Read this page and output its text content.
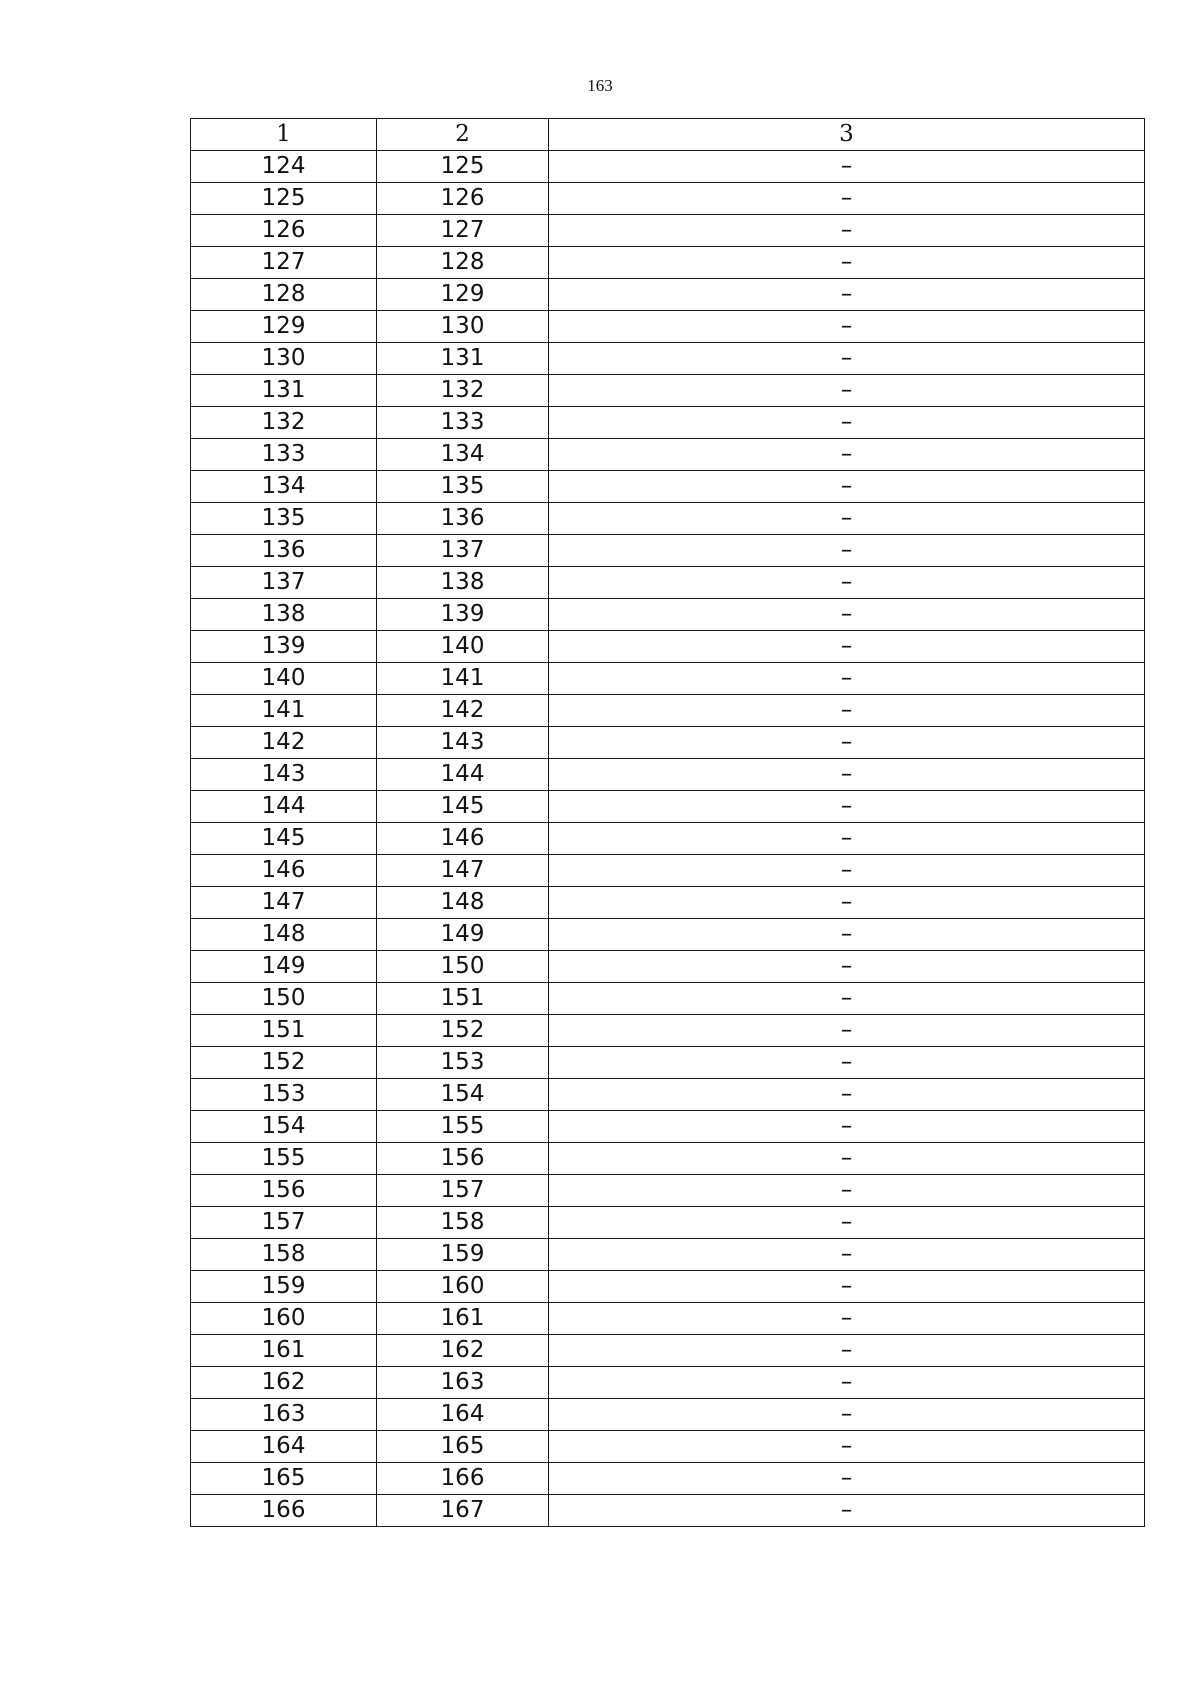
163
1	2	3
124	125	–
125	126	–
126	127	–
127	128	–
128	129	–
129	130	–
130	131	–
131	132	–
132	133	–
133	134	–
134	135	–
135	136	–
136	137	–
137	138	–
138	139	–
139	140	–
140	141	–
141	142	–
142	143	–
143	144	–
144	145	–
145	146	–
146	147	–
147	148	–
148	149	–
149	150	–
150	151	–
151	152	–
152	153	–
153	154	–
154	155	–
155	156	–
156	157	–
157	158	–
158	159	–
159	160	–
160	161	–
161	162	–
162	163	–
163	164	–
164	165	–
165	166	–
166	167	–
